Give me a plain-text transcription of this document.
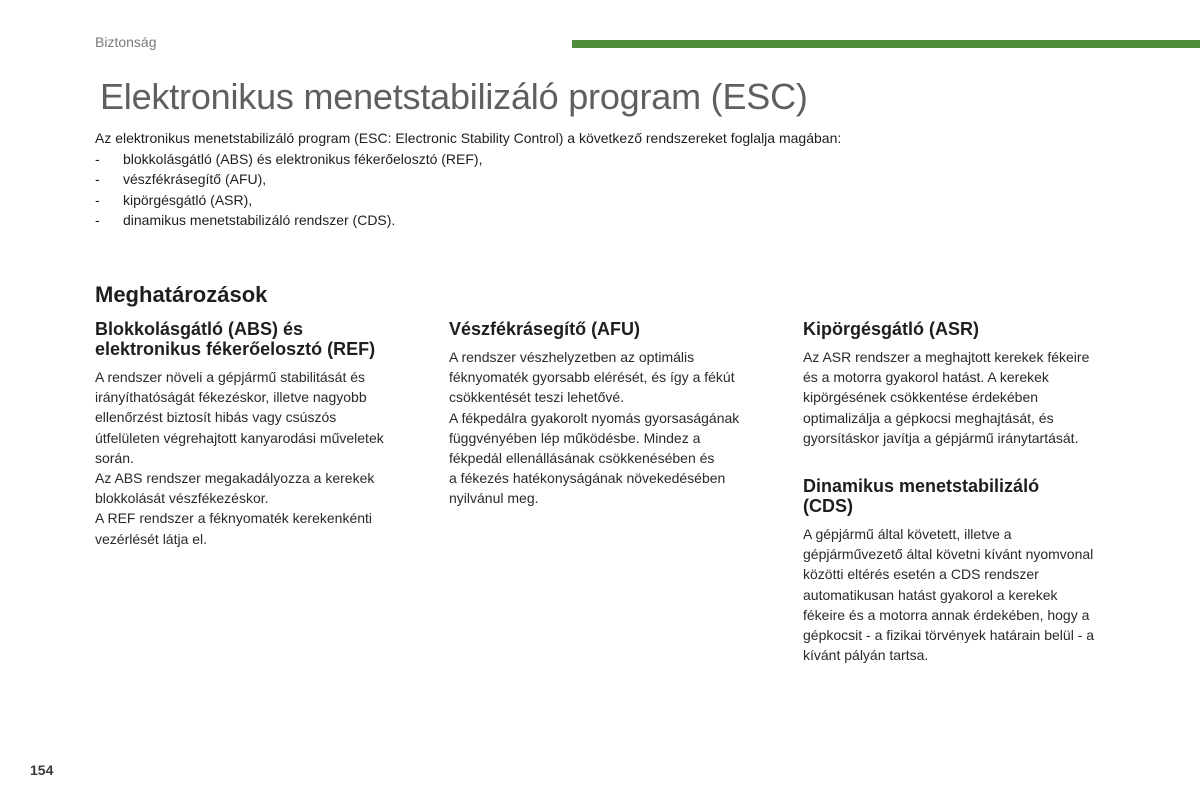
Biztonság
Elektronikus menetstabilizáló program (ESC)

Az elektronikus menetstabilizáló program (ESC: Electronic Stability Control) a következő rendszereket foglalja magában:

- blokkolásgátló (ABS) és elektronikus fékerőelosztó (REF),
- vészfékrásegítő (AFU),
- kipörgésgátló (ASR),
- dinamikus menetstabilizáló rendszer (CDS).
Meghatározások
Blokkolásgátló (ABS) és
elektronikus fékerőelosztó (REF)
A rendszer növeli a gépjármű stabilitását és
irányíthatóságát fékezéskor, illetve nagyobb
ellenőrzést biztosít hibás vagy csúszós
útfelületen végrehajtott kanyarodási műveletek
során.
Az ABS rendszer megakadályozza a kerekek
blokkolását vészfékezéskor.
A REF rendszer a féknyomaték kerekenkénti
vezérlését látja el.
Vészfékrásegítő (AFU)
A rendszer vészhelyzetben az optimális
féknyomaték gyorsabb elérését, és így a fékút
csökkentését teszi lehetővé.
A fékpedálra gyakorolt nyomás gyorsaságának
függvényében lép működésbe. Mindez a
fékpedál ellenállásának csökkenésében és
a fékezés hatékonyságának növekedésében
nyilvánul meg.
Kipörgésgátló (ASR)
Az ASR rendszer a meghajtott kerekek fékeire
és a motorra gyakorol hatást. A kerekek
kipörgésének csökkentése érdekében
optimalizálja a gépkocsi meghajtását, és
gyorsításkor javítja a gépjármű iránytartását.
Dinamikus menetstabilizáló
(CDS)
A gépjármű által követett, illetve a
gépjárművezető által követni kívánt nyomvonal
közötti eltérés esetén a CDS rendszer
automatikusan hatást gyakorol a kerekek
fékeire és a motorra annak érdekében, hogy a
gépkocsit - a fizikai törvények határain belül - a
kívánt pályán tartsa.
154
